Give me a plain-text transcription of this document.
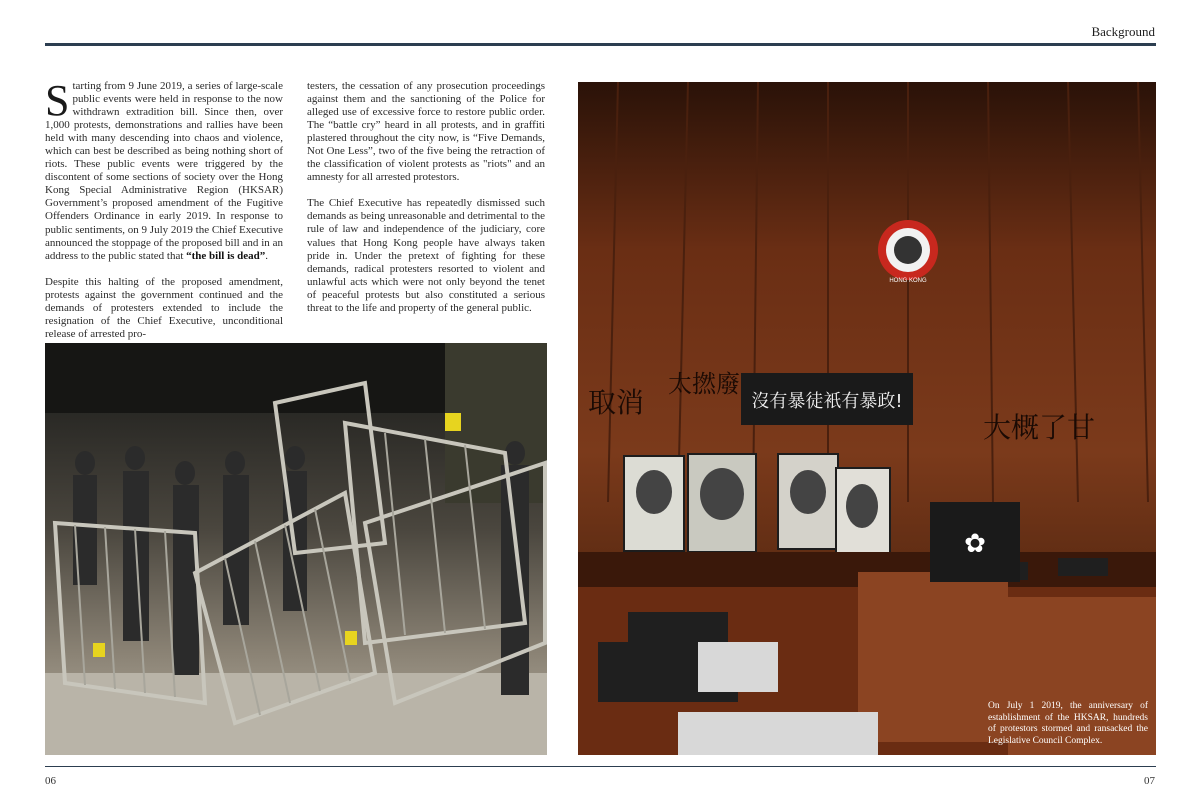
Background

Starting from 9 June 2019, a series of large-scale public events were held in response to the now withdrawn extradition bill. Since then, over 1,000 protests, demonstrations and rallies have been held with many descending into chaos and violence, which can best be described as being nothing short of riots. These public events were triggered by the discontent of some sections of society over the Hong Kong Special Administrative Region (HKSAR) Government’s proposed amendment of the Fugitive Offenders Ordinance in early 2019. In response to public sentiments, on 9 July 2019 the Chief Executive announced the stoppage of the proposed bill and in an address to the public stated that “the bill is dead”.

Despite this halting of the proposed amendment, protests against the government continued and the demands of protesters extended to include the resignation of the Chief Executive, unconditional release of arrested pro-

testers, the cessation of any prosecution proceedings against them and the sanctioning of the Police for alleged use of excessive force to restore public order. The “battle cry” heard in all protests, and in graffiti plastered throughout the city now, is “Five Demands, Not One Less”, two of the five being the retraction of the classification of violent protests as "riots" and an amnesty for all arrested protestors.

The Chief Executive has repeatedly dismissed such demands as being unreasonable and detrimental to the rule of law and independence of the judiciary, core values that Hong Kong people have always taken pride in. Under the pretext of fighting for these demands, radical protesters resorted to violent and unlawful acts which were not only beyond the tenet of peaceful protests but also constituted a serious threat to the life and property of the general public.

HONG KONG
取消
太撚廢
大概了甘
沒有暴徒衹有暴政!
✿
On July 1 2019, the anniversary of establishment of the HKSAR, hundreds of protestors stormed and ransacked the Legislative Council Complex.
06	07
